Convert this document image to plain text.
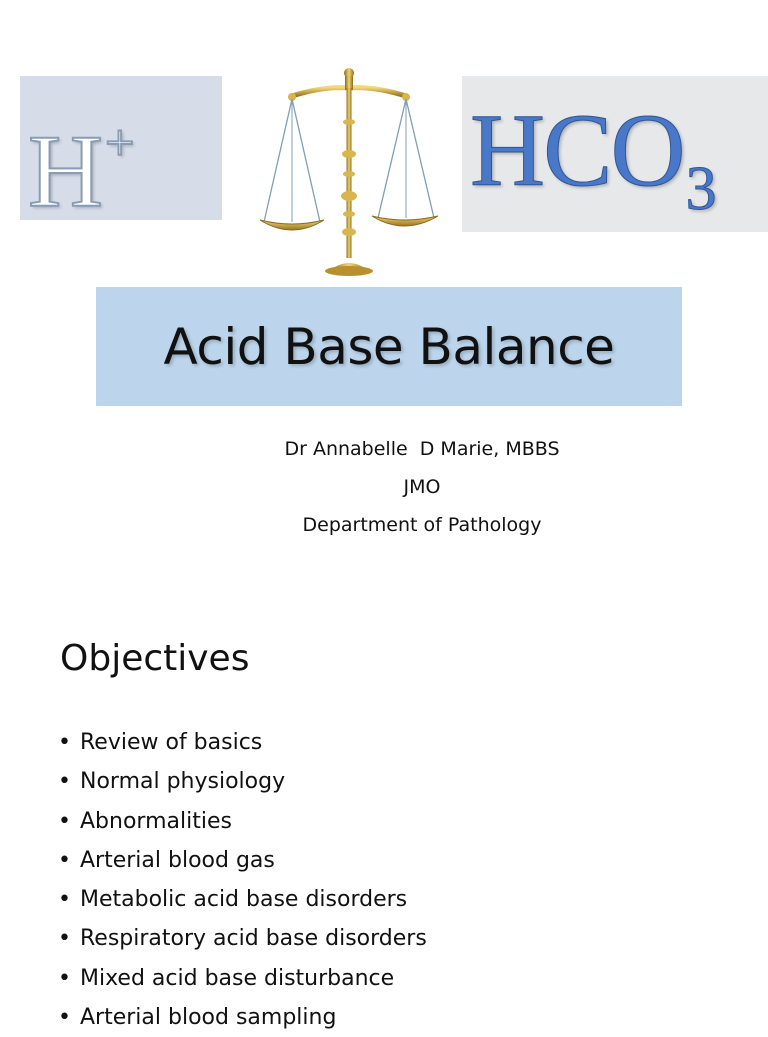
H+	$HCO_3$
Acid Base Balance
Dr Annabelle  D Marie, MBBS
JMO
Department of Pathology
Objectives
• Review of basics
• Normal physiology
• Abnormalities
• Arterial blood gas
• Metabolic acid base disorders
• Respiratory acid base disorders
• Mixed acid base disturbance
• Arterial blood sampling
